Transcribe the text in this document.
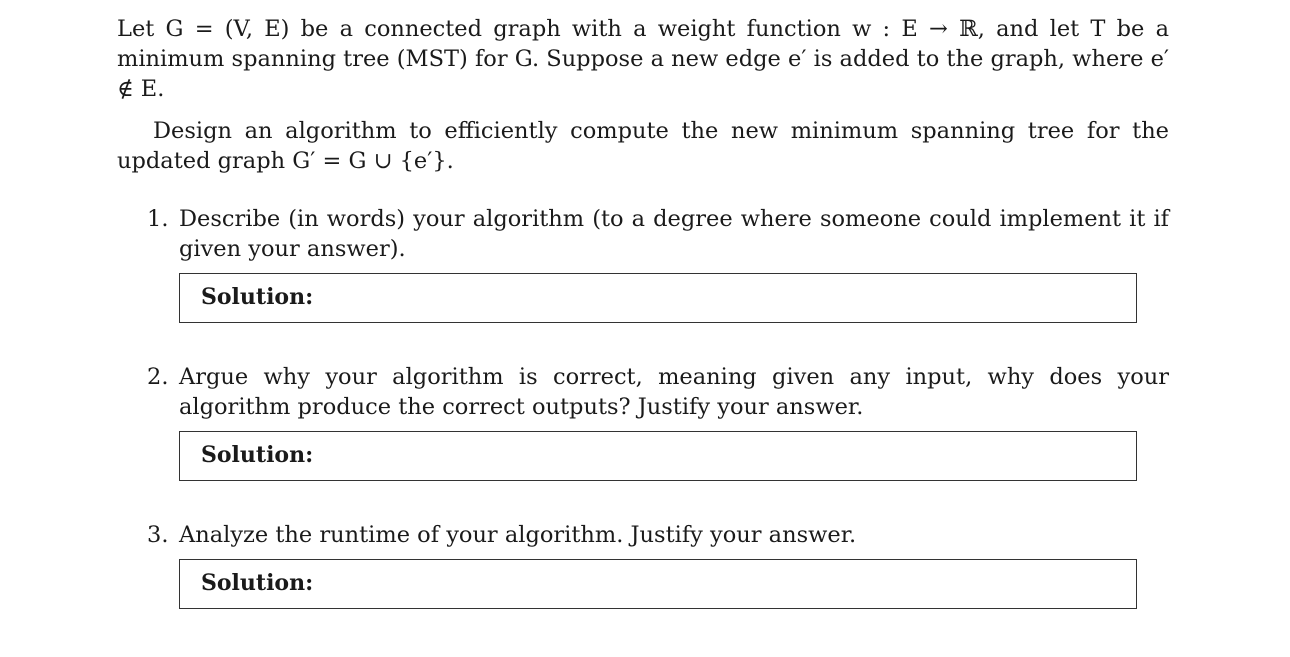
Let G = (V, E) be a connected graph with a weight function w : E → ℝ, and let T be a minimum spanning tree (MST) for G. Suppose a new edge e′ is added to the graph, where e′ ∉ E.

Design an algorithm to efficiently compute the new minimum spanning tree for the updated graph G′ = G ∪ {e′}.

1. Describe (in words) your algorithm (to a degree where someone could implement it if given your answer).

Solution:
2. Argue why your algorithm is correct, meaning given any input, why does your algorithm produce the correct outputs? Justify your answer.

Solution:
3. Analyze the runtime of your algorithm. Justify your answer.

Solution:
